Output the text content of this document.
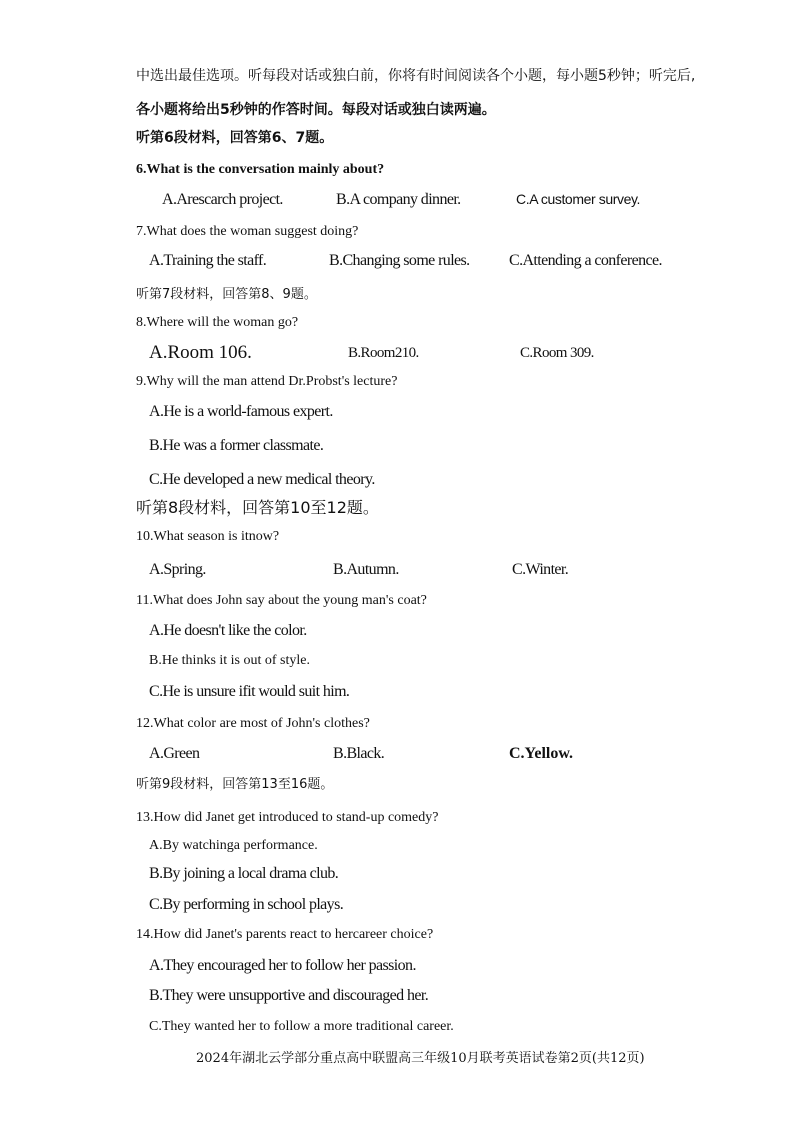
中选出最佳选项。听每段对话或独白前，你将有时间阅读各个小题，每小题5秒钟；听完后,
各小题将给出5秒钟的作答时间。每段对话或独白读两遍。
听第6段材料，回答第6、7题。
6.What is the conversation mainly about?
A.Arescarch project.	B.A company dinner.	C.A customer survey.
7.What does the woman suggest doing?
A.Training the staff.	B.Changing some rules. C.Attending a conference.
听第7段材料，回答第8、9题。
8.Where will the woman go?
A.Room 106.	B.Room210.	C.Room 309.
9.Why will the man attend Dr.Probst's lecture?
A.He is a world-famous expert.
B.He was a former classmate.
C.He developed a new medical theory.
听第8段材料，回答第10至12题。
10.What season is itnow?
A.Spring.	B.Autumn.	C.Winter.
11.What does John say about the young man's coat?
A.He doesn't like the color.
B.He thinks it is out of style.
C.He is unsure ifit would suit him.
12.What color are most of John's clothes?
A.Green	B.Black.	C.Yellow.
听第9段材料，回答第13至16题。
13.How did Janet get introduced to stand-up comedy?
A.By watchinga performance.
B.By joining a local drama club.
C.By performing in school plays.
14.How did Janet's parents react to hercareer choice?
A.They encouraged her to follow her passion.
B.They were unsupportive and discouraged her.
C.They wanted her to follow a more traditional career.
2024年湖北云学部分重点高中联盟高三年级10月联考英语试卷第2页(共12页)
